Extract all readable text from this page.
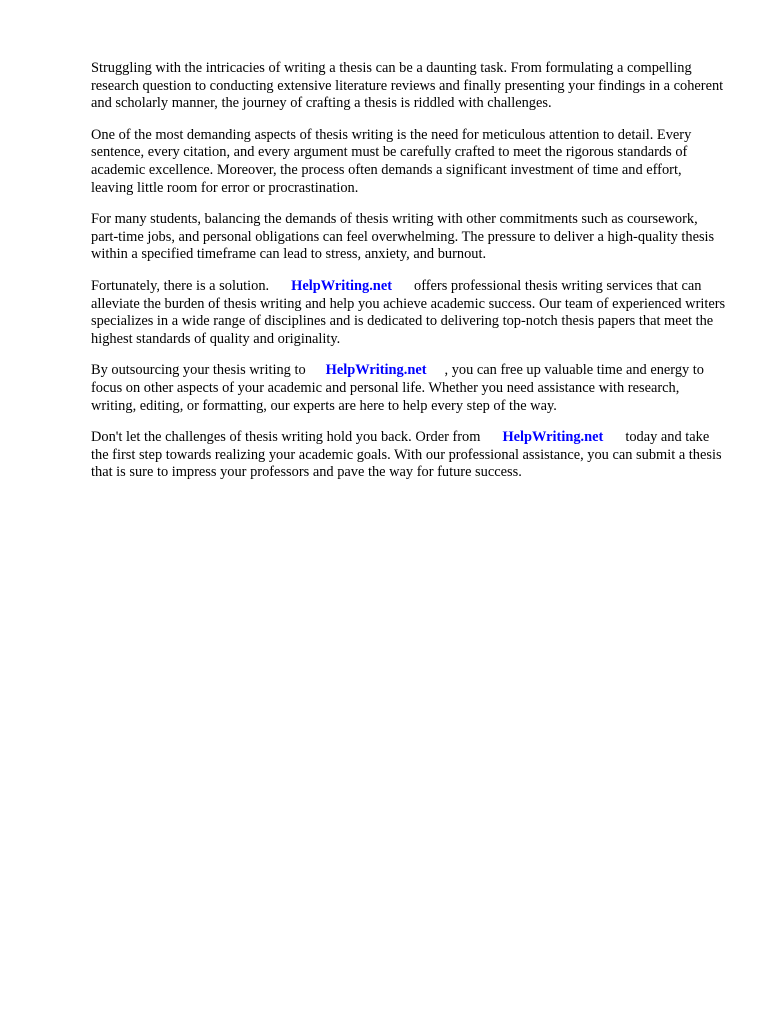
Struggling with the intricacies of writing a thesis can be a daunting task. From formulating a compelling research question to conducting extensive literature reviews and finally presenting your findings in a coherent and scholarly manner, the journey of crafting a thesis is riddled with challenges.

One of the most demanding aspects of thesis writing is the need for meticulous attention to detail. Every sentence, every citation, and every argument must be carefully crafted to meet the rigorous standards of academic excellence. Moreover, the process often demands a significant investment of time and effort, leaving little room for error or procrastination.

For many students, balancing the demands of thesis writing with other commitments such as coursework, part-time jobs, and personal obligations can feel overwhelming. The pressure to deliver a high-quality thesis within a specified timeframe can lead to stress, anxiety, and burnout.

Fortunately, there is a solution. HelpWriting.net offers professional thesis writing services that can alleviate the burden of thesis writing and help you achieve academic success. Our team of experienced writers specializes in a wide range of disciplines and is dedicated to delivering top-notch thesis papers that meet the highest standards of quality and originality.

By outsourcing your thesis writing to HelpWriting.net , you can free up valuable time and energy to focus on other aspects of your academic and personal life. Whether you need assistance with research, writing, editing, or formatting, our experts are here to help every step of the way.

Don't let the challenges of thesis writing hold you back. Order from HelpWriting.net today and take the first step towards realizing your academic goals. With our professional assistance, you can submit a thesis that is sure to impress your professors and pave the way for future success.
